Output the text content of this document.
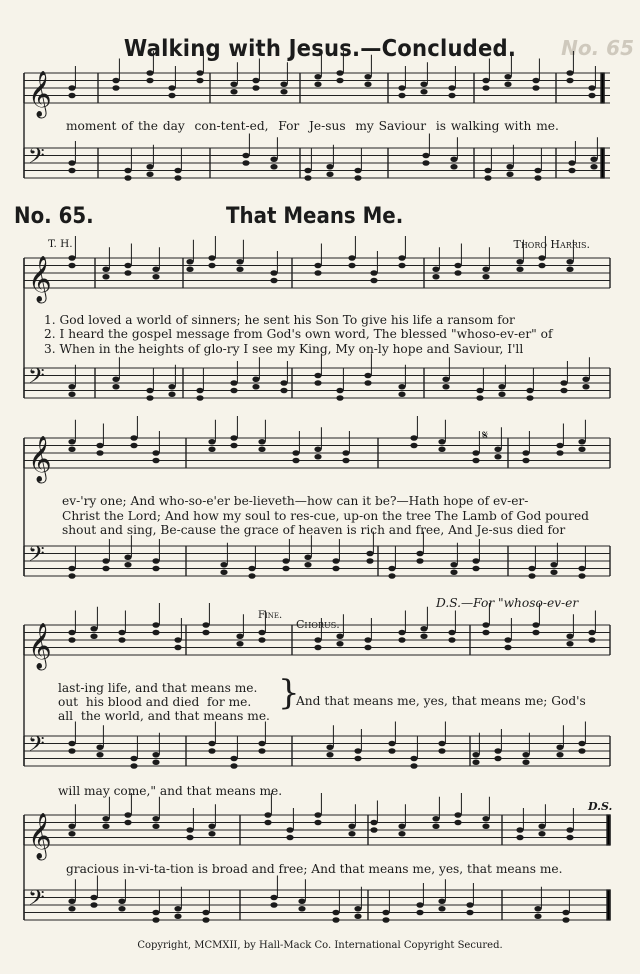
Walking with Jesus.—Concluded.	No. 65
𝄞
𝄢
𝄞
𝄢
𝄞
𝄢
𝄞
𝄢
𝄞
𝄢
moment of the day con-tent-ed, For Je-sus my Saviour is walking with me.
No. 65.	That Means Me.
T. H.	Thoro Harris.
1. God loved a world of sinners; he sent his Son To give his life a ransom for
2. I heard the gospel message from God's own word, The blessed "whoso-ev-er" of
3. When in the heights of glo-ry I see my King, My on-ly hope and Saviour, I'll
𝄋
ev-'ry one; And who-so-e'er be-lieveth—how can it be?—Hath hope of ev-er-
Christ the Lord; And how my soul to res-cue, up-on the tree The Lamb of God poured
shout and sing, Be-cause the grace of heaven is rich and free, And Je-sus died for
D.S.—For "whoso-ev-er
Fine.
Chorus.
last-ing life, and that means me.
out his blood and died for me.
all the world, and that means me.
}
And that means me, yes, that means me; God's
will may come," and that means me.
D.S.
gracious in-vi-ta-tion is broad and free; And that means me, yes, that means me.
Copyright, MCMXII, by Hall-Mack Co. International Copyright Secured.
